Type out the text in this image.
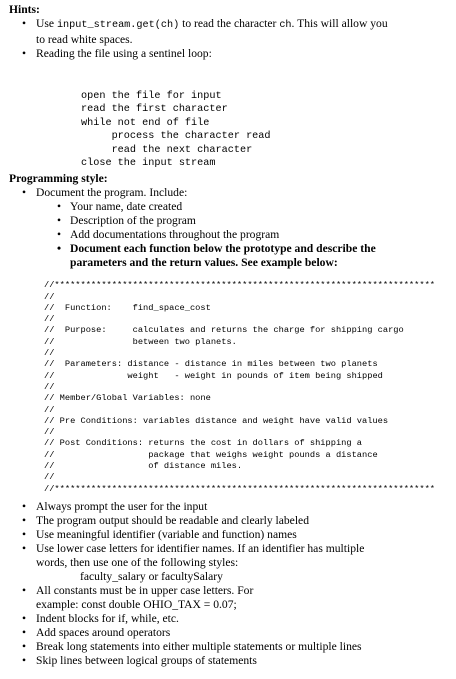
Hints:
• Use input_stream.get(ch) to read the character ch. This will allow you
to read white spaces.
• Reading the file using a sentinel loop:

open the file for input
read the first character
while not end of file
process the character read
read the next character
close the input stream

Programming style:
• Document the program. Include:
• Your name, date created
• Description of the program
• Add documentations throughout the program
• Document each function below the prototype and describe the
parameters and the return values. See example below:

//*************************************************************************
//
//  Function:    find_space_cost
//
//  Purpose:     calculates and returns the charge for shipping cargo
//               between two planets.
//
//  Parameters: distance - distance in miles between two planets
//              weight   - weight in pounds of item being shipped
//
// Member/Global Variables: none
//
// Pre Conditions: variables distance and weight have valid values
//
// Post Conditions: returns the cost in dollars of shipping a
//                  package that weighs weight pounds a distance
//                  of distance miles.
//
//*************************************************************************

• Always prompt the user for the input
• The program output should be readable and clearly labeled
• Use meaningful identifier (variable and function) names
• Use lower case letters for identifier names. If an identifier has multiple
words, then use one of the following styles:
faculty_salary or facultySalary
• All constants must be in upper case letters. For
example: const double OHIO_TAX = 0.07;
• Indent blocks for if, while, etc.
• Add spaces around operators
• Break long statements into either multiple statements or multiple lines
• Skip lines between logical groups of statements
